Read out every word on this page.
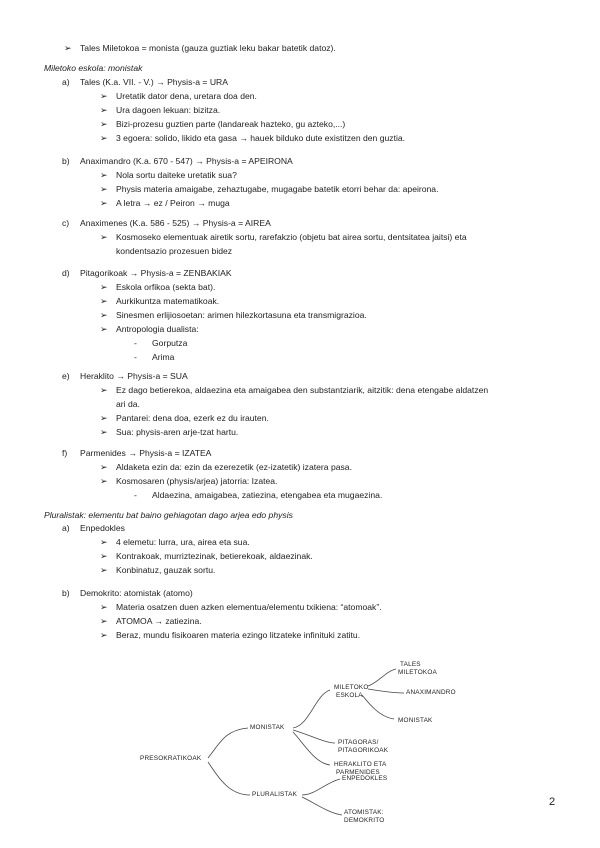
➢ Tales Miletokoa = monista (gauza guztiak leku bakar batetik datoz).
Miletoko eskola: monistak
a) Tales (K.a. VII. - V.) → Physis-a = URA
➢ Uretatik dator dena, uretara doa den.
➢ Ura dagoen lekuan: bizitza.
➢ Bizi-prozesu guztien parte (landareak hazteko, gu azteko,...)
➢ 3 egoera: solido, likido eta gasa → hauek bilduko dute existitzen den guztia.
b) Anaximandro (K.a. 670 - 547) → Physis-a = APEIRONA
➢ Nola sortu daiteke uretatik sua?
➢ Physis materia amaigabe, zehaztugabe, mugagabe batetik etorri behar da: apeirona.
➢ A letra → ez / Peiron → muga
c) Anaximenes (K.a. 586 - 525) → Physis-a = AIREA
➢ Kosmoseko elementuak airetik sortu, rarefakzio (objetu bat airea sortu, dentsitatea jaitsi) eta
kondentsazio prozesuen bidez
d) Pitagorikoak → Physis-a = ZENBAKIAK
➢ Eskola orfikoa (sekta bat).
➢ Aurkikuntza matematikoak.
➢ Sinesmen erlijiosoetan: arimen hilezkortasuna eta transmigrazioa.
➢ Antropologia dualista:
- Gorputza
- Arima
e) Heraklito → Physis-a = SUA
➢ Ez dago betierekoa, aldaezina eta amaigabea den substantziarik, aitzitik: dena etengabe aldatzen
ari da.
➢ Pantarei: dena doa, ezerk ez du irauten.
➢ Sua: physis-aren arje-tzat hartu.
f) Parmenides → Physis-a = IZATEA
➢ Aldaketa ezin da: ezin da ezerezetik (ez-izatetik) izatera pasa.
➢ Kosmosaren (physis/arjea) jatorria: Izatea.
- Aldaezina, amaigabea, zatiezina, etengabea eta mugaezina.
Pluralistak: elementu bat baino gehiagotan dago arjea edo physis
a) Enpedokles
➢ 4 elemetu: lurra, ura, airea eta sua.
➢ Kontrakoak, murriztezinak, betierekoak, aldaezinak.
➢ Konbinatuz, gauzak sortu.
b) Demokrito: atomistak (atomo)
➢ Materia osatzen duen azken elementua/elementu txikiena: “atomoak”.
➢ ATOMOA → zatiezina.
➢ Beraz, mundu fisikoaren materia ezingo litzateke infinituki zatitu.
PRESOKRATIKOAK
MONISTAK
PLURALISTAK
MILETOKO
ESKOLA
TALES
MILETOKOA
ANAXIMANDRO
MONISTAK
PITAGORAS/
PITAGORIKOAK
HERAKLITO ETA
PARMENIDES
ENPEDOKLES
ATOMISTAK:
DEMOKRITO
2
